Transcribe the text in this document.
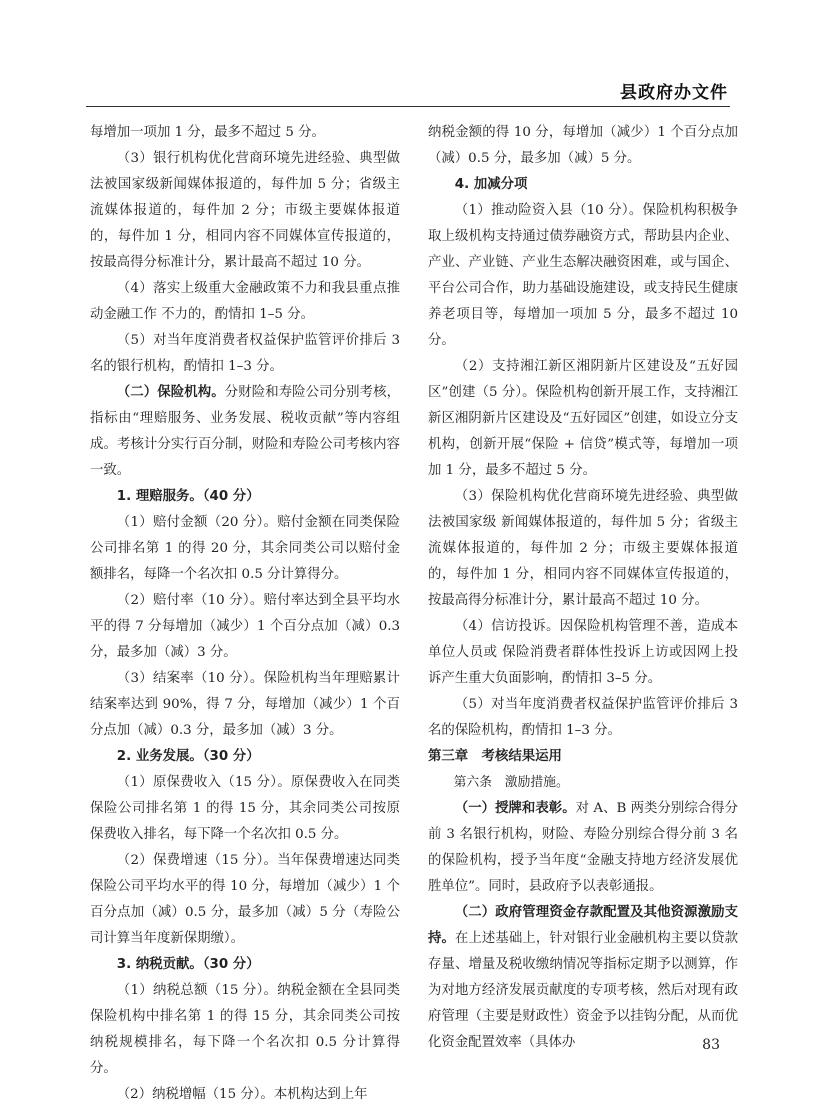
县政府办文件

每增加一项加 1 分，最多不超过 5 分。

（3）银行机构优化营商环境先进经验、典型做法被国家级新闻媒体报道的，每件加 5 分；省级主流媒体报道的，每件加 2 分；市级主要媒体报道的，每件加 1 分，相同内容不同媒体宣传报道的，按最高得分标准计分，累计最高不超过 10 分。

（4）落实上级重大金融政策不力和我县重点推动金融工作 不力的，酌情扣 1–5 分。

（5）对当年度消费者权益保护监管评价排后 3 名的银行机构，酌情扣 1–3 分。

（二）保险机构。分财险和寿险公司分别考核，指标由“理赔服务、业务发展、税收贡献”等内容组成。考核计分实行百分制，财险和寿险公司考核内容一致。

1. 理赔服务。（40 分）

（1）赔付金额（20 分）。赔付金额在同类保险公司排名第 1 的得 20 分，其余同类公司以赔付金额排名，每降一个名次扣 0.5 分计算得分。

（2）赔付率（10 分）。赔付率达到全县平均水平的得 7 分每增加（减少）1 个百分点加（减）0.3 分，最多加（减）3 分。

（3）结案率（10 分）。保险机构当年理赔累计结案率达到 90%，得 7 分，每增加（减少）1 个百分点加（减）0.3 分，最多加（减）3 分。

2. 业务发展。（30 分）

（1）原保费收入（15 分）。原保费收入在同类保险公司排名第 1 的得 15 分，其余同类公司按原保费收入排名，每下降一个名次扣 0.5 分。

（2）保费增速（15 分）。当年保费增速达同类保险公司平均水平的得 10 分，每增加（减少）1 个百分点加（减）0.5 分，最多加（减）5 分（寿险公司计算当年度新保期缴）。

3. 纳税贡献。（30 分）

（1）纳税总额（15 分）。纳税金额在全县同类保险机构中排名第 1 的得 15 分，其余同类公司按纳税规模排名，每下降一个名次扣 0.5 分计算得分。

（2）纳税增幅（15 分）。本机构达到上年

纳税金额的得 10 分，每增加（减少）1 个百分点加（减）0.5 分，最多加（减）5 分。

4. 加减分项

（1）推动险资入县（10 分）。保险机构积极争取上级机构支持通过债券融资方式，帮助县内企业、产业、产业链、产业生态解决融资困难，或与国企、平台公司合作，助力基础设施建设，或支持民生健康养老项目等，每增加一项加 5 分，最多不超过 10 分。

（2）支持湘江新区湘阴新片区建设及“五好园区”创建（5 分）。保险机构创新开展工作，支持湘江新区湘阴新片区建设及“五好园区”创建，如设立分支机构，创新开展“保险 + 信贷”模式等，每增加一项加 1 分，最多不超过 5 分。

（3）保险机构优化营商环境先进经验、典型做法被国家级 新闻媒体报道的，每件加 5 分；省级主流媒体报道的，每件加 2 分；市级主要媒体报道的，每件加 1 分，相同内容不同媒体宣传报道的，按最高得分标准计分，累计最高不超过 10 分。

（4）信访投诉。因保险机构管理不善，造成本单位人员或 保险消费者群体性投诉上访或因网上投诉产生重大负面影响，酌情扣 3–5 分。

（5）对当年度消费者权益保护监管评价排后 3 名的保险机构，酌情扣 1–3 分。

第三章　考核结果运用

第六条　激励措施。

（一）授牌和表彰。对 A、B 两类分别综合得分前 3 名银行机构，财险、寿险分别综合得分前 3 名的保险机构，授予当年度“金融支持地方经济发展优胜单位”。同时，县政府予以表彰通报。

（二）政府管理资金存款配置及其他资源激励支持。在上述基础上，针对银行业金融机构主要以贷款存量、增量及税收缴纳情况等指标定期予以测算，作为对地方经济发展贡献度的专项考核，然后对现有政府管理（主要是财政性）资金予以挂钩分配，从而优化资金配置效率（具体办	83
